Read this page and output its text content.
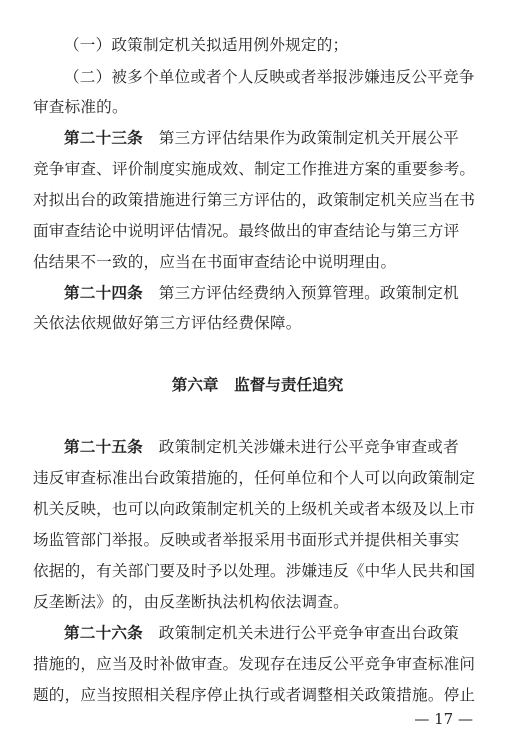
（一）政策制定机关拟适用例外规定的；
（二）被多个单位或者个人反映或者举报涉嫌违反公平竞争
审查标准的。
第二十三条　第三方评估结果作为政策制定机关开展公平
竞争审查、评价制度实施成效、制定工作推进方案的重要参考。
对拟出台的政策措施进行第三方评估的，政策制定机关应当在书
面审查结论中说明评估情况。最终做出的审查结论与第三方评
估结果不一致的，应当在书面审查结论中说明理由。
第二十四条　第三方评估经费纳入预算管理。政策制定机
关依法依规做好第三方评估经费保障。
第六章　监督与责任追究
第二十五条　政策制定机关涉嫌未进行公平竞争审查或者
违反审查标准出台政策措施的，任何单位和个人可以向政策制定
机关反映，也可以向政策制定机关的上级机关或者本级及以上市
场监管部门举报。反映或者举报采用书面形式并提供相关事实
依据的，有关部门要及时予以处理。涉嫌违反《中华人民共和国
反垄断法》的，由反垄断执法机构依法调查。
第二十六条　政策制定机关未进行公平竞争审查出台政策
措施的，应当及时补做审查。发现存在违反公平竞争审查标准问
题的，应当按照相关程序停止执行或者调整相关政策措施。停止
— 17 —
